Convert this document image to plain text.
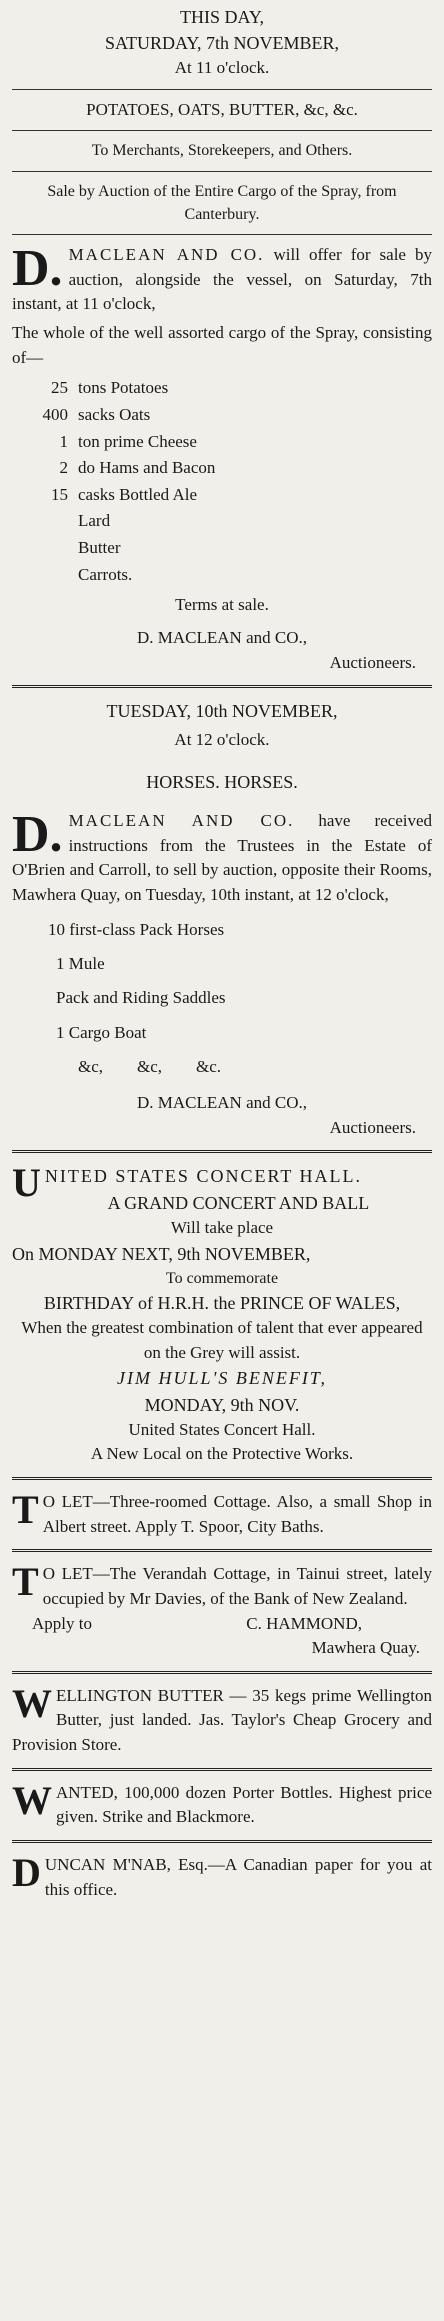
THIS DAY,
SATURDAY, 7th NOVEMBER,
At 11 o'clock.
POTATOES, OATS, BUTTER, &c, &c.
To Merchants, Storekeepers, and Others.
Sale by Auction of the Entire Cargo of the Spray, from Canterbury.
D. MACLEAN AND CO. will offer for sale by auction, alongside the vessel, on Saturday, 7th instant, at 11 o'clock,
The whole of the well assorted cargo of the Spray, consisting of—
25 tons Potatoes
400 sacks Oats
1 ton prime Cheese
2 do Hams and Bacon
15 casks Bottled Ale
Lard
Butter
Carrots.
Terms at sale.
D. MACLEAN and CO.,
Auctioneers.
TUESDAY, 10th NOVEMBER,
At 12 o'clock.
HORSES. HORSES.
D. MACLEAN AND CO. have received instructions from the Trustees in the Estate of O'Brien and Carroll, to sell by auction, opposite their Rooms, Mawhera Quay, on Tuesday, 10th instant, at 12 o'clock,
10 first-class Pack Horses
1 Mule
Pack and Riding Saddles
1 Cargo Boat
&c,        &c,        &c.
D. MACLEAN and CO.,
Auctioneers.
U NITED STATES CONCERT HALL.
A GRAND CONCERT AND BALL
Will take place
On MONDAY NEXT, 9th NOVEMBER,
To commemorate
BIRTHDAY of H.R.H. the PRINCE OF WALES,
When the greatest combination of talent that ever appeared on the Grey will assist.
JIM HULL'S BENEFIT,
MONDAY, 9th NOV.
United States Concert Hall.
A New Local on the Protective Works.
T O LET—Three-roomed Cottage. Also, a small Shop in Albert street. Apply T. Spoor, City Baths.
T O LET—The Verandah Cottage, in Tainui street, lately occupied by Mr Davies, of the Bank of New Zealand.
Apply to	C. HAMMOND,
Mawhera Quay.
W ELLINGTON BUTTER — 35 kegs prime Wellington Butter, just landed. Jas. Taylor's Cheap Grocery and Provision Store.
W ANTED, 100,000 dozen Porter Bottles. Highest price given. Strike and Blackmore.
D UNCAN M'NAB, Esq.—A Canadian paper for you at this office.
